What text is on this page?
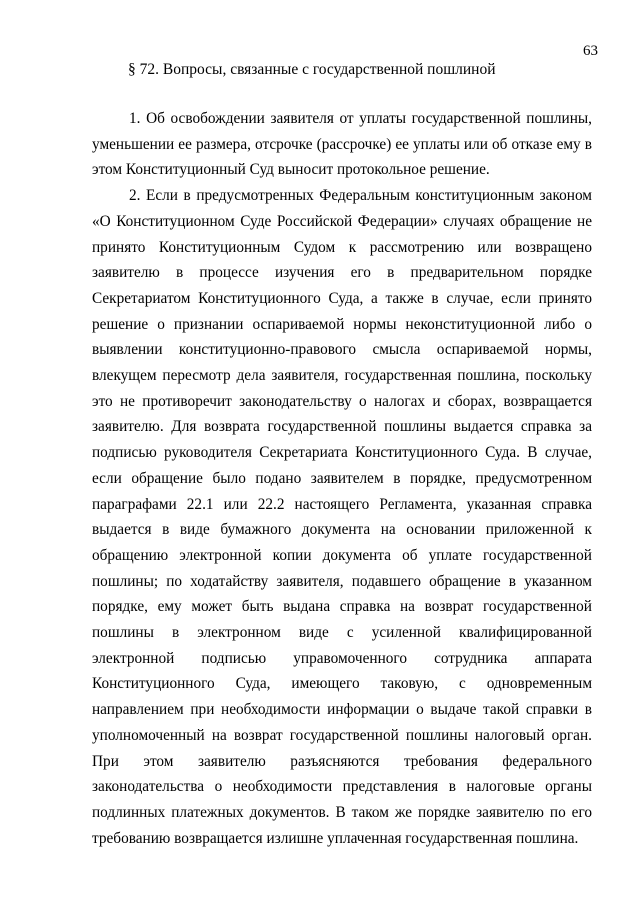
63
§ 72. Вопросы, связанные с государственной пошлиной

1. Об освобождении заявителя от уплаты государственной пошлины, уменьшении ее размера, отсрочке (рассрочке) ее уплаты или об отказе ему в этом Конституционный Суд выносит протокольное решение.

2. Если в предусмотренных Федеральным конституционным законом «О Конституционном Суде Российской Федерации» случаях обращение не принято Конституционным Судом к рассмотрению или возвращено заявителю в процессе изучения его в предварительном порядке Секретариатом Конституционного Суда, а также в случае, если принято решение о признании оспариваемой нормы неконституционной либо о выявлении конституционно-правового смысла оспариваемой нормы, влекущем пересмотр дела заявителя, государственная пошлина, поскольку это не противоречит законодательству о налогах и сборах, возвращается заявителю. Для возврата государственной пошлины выдается справка за подписью руководителя Секретариата Конституционного Суда. В случае, если обращение было подано заявителем в порядке, предусмотренном параграфами 22.1 или 22.2 настоящего Регламента, указанная справка выдается в виде бумажного документа на основании приложенной к обращению электронной копии документа об уплате государственной пошлины; по ходатайству заявителя, подавшего обращение в указанном порядке, ему может быть выдана справка на возврат государственной пошлины в электронном виде с усиленной квалифицированной электронной подписью управомоченного сотрудника аппарата Конституционного Суда, имеющего таковую, с одновременным направлением при необходимости информации о выдаче такой справки в уполномоченный на возврат государственной пошлины налоговый орган. При этом заявителю разъясняются требования федерального законодательства о необходимости представления в налоговые органы подлинных платежных документов. В таком же порядке заявителю по его требованию возвращается излишне уплаченная государственная пошлина.
